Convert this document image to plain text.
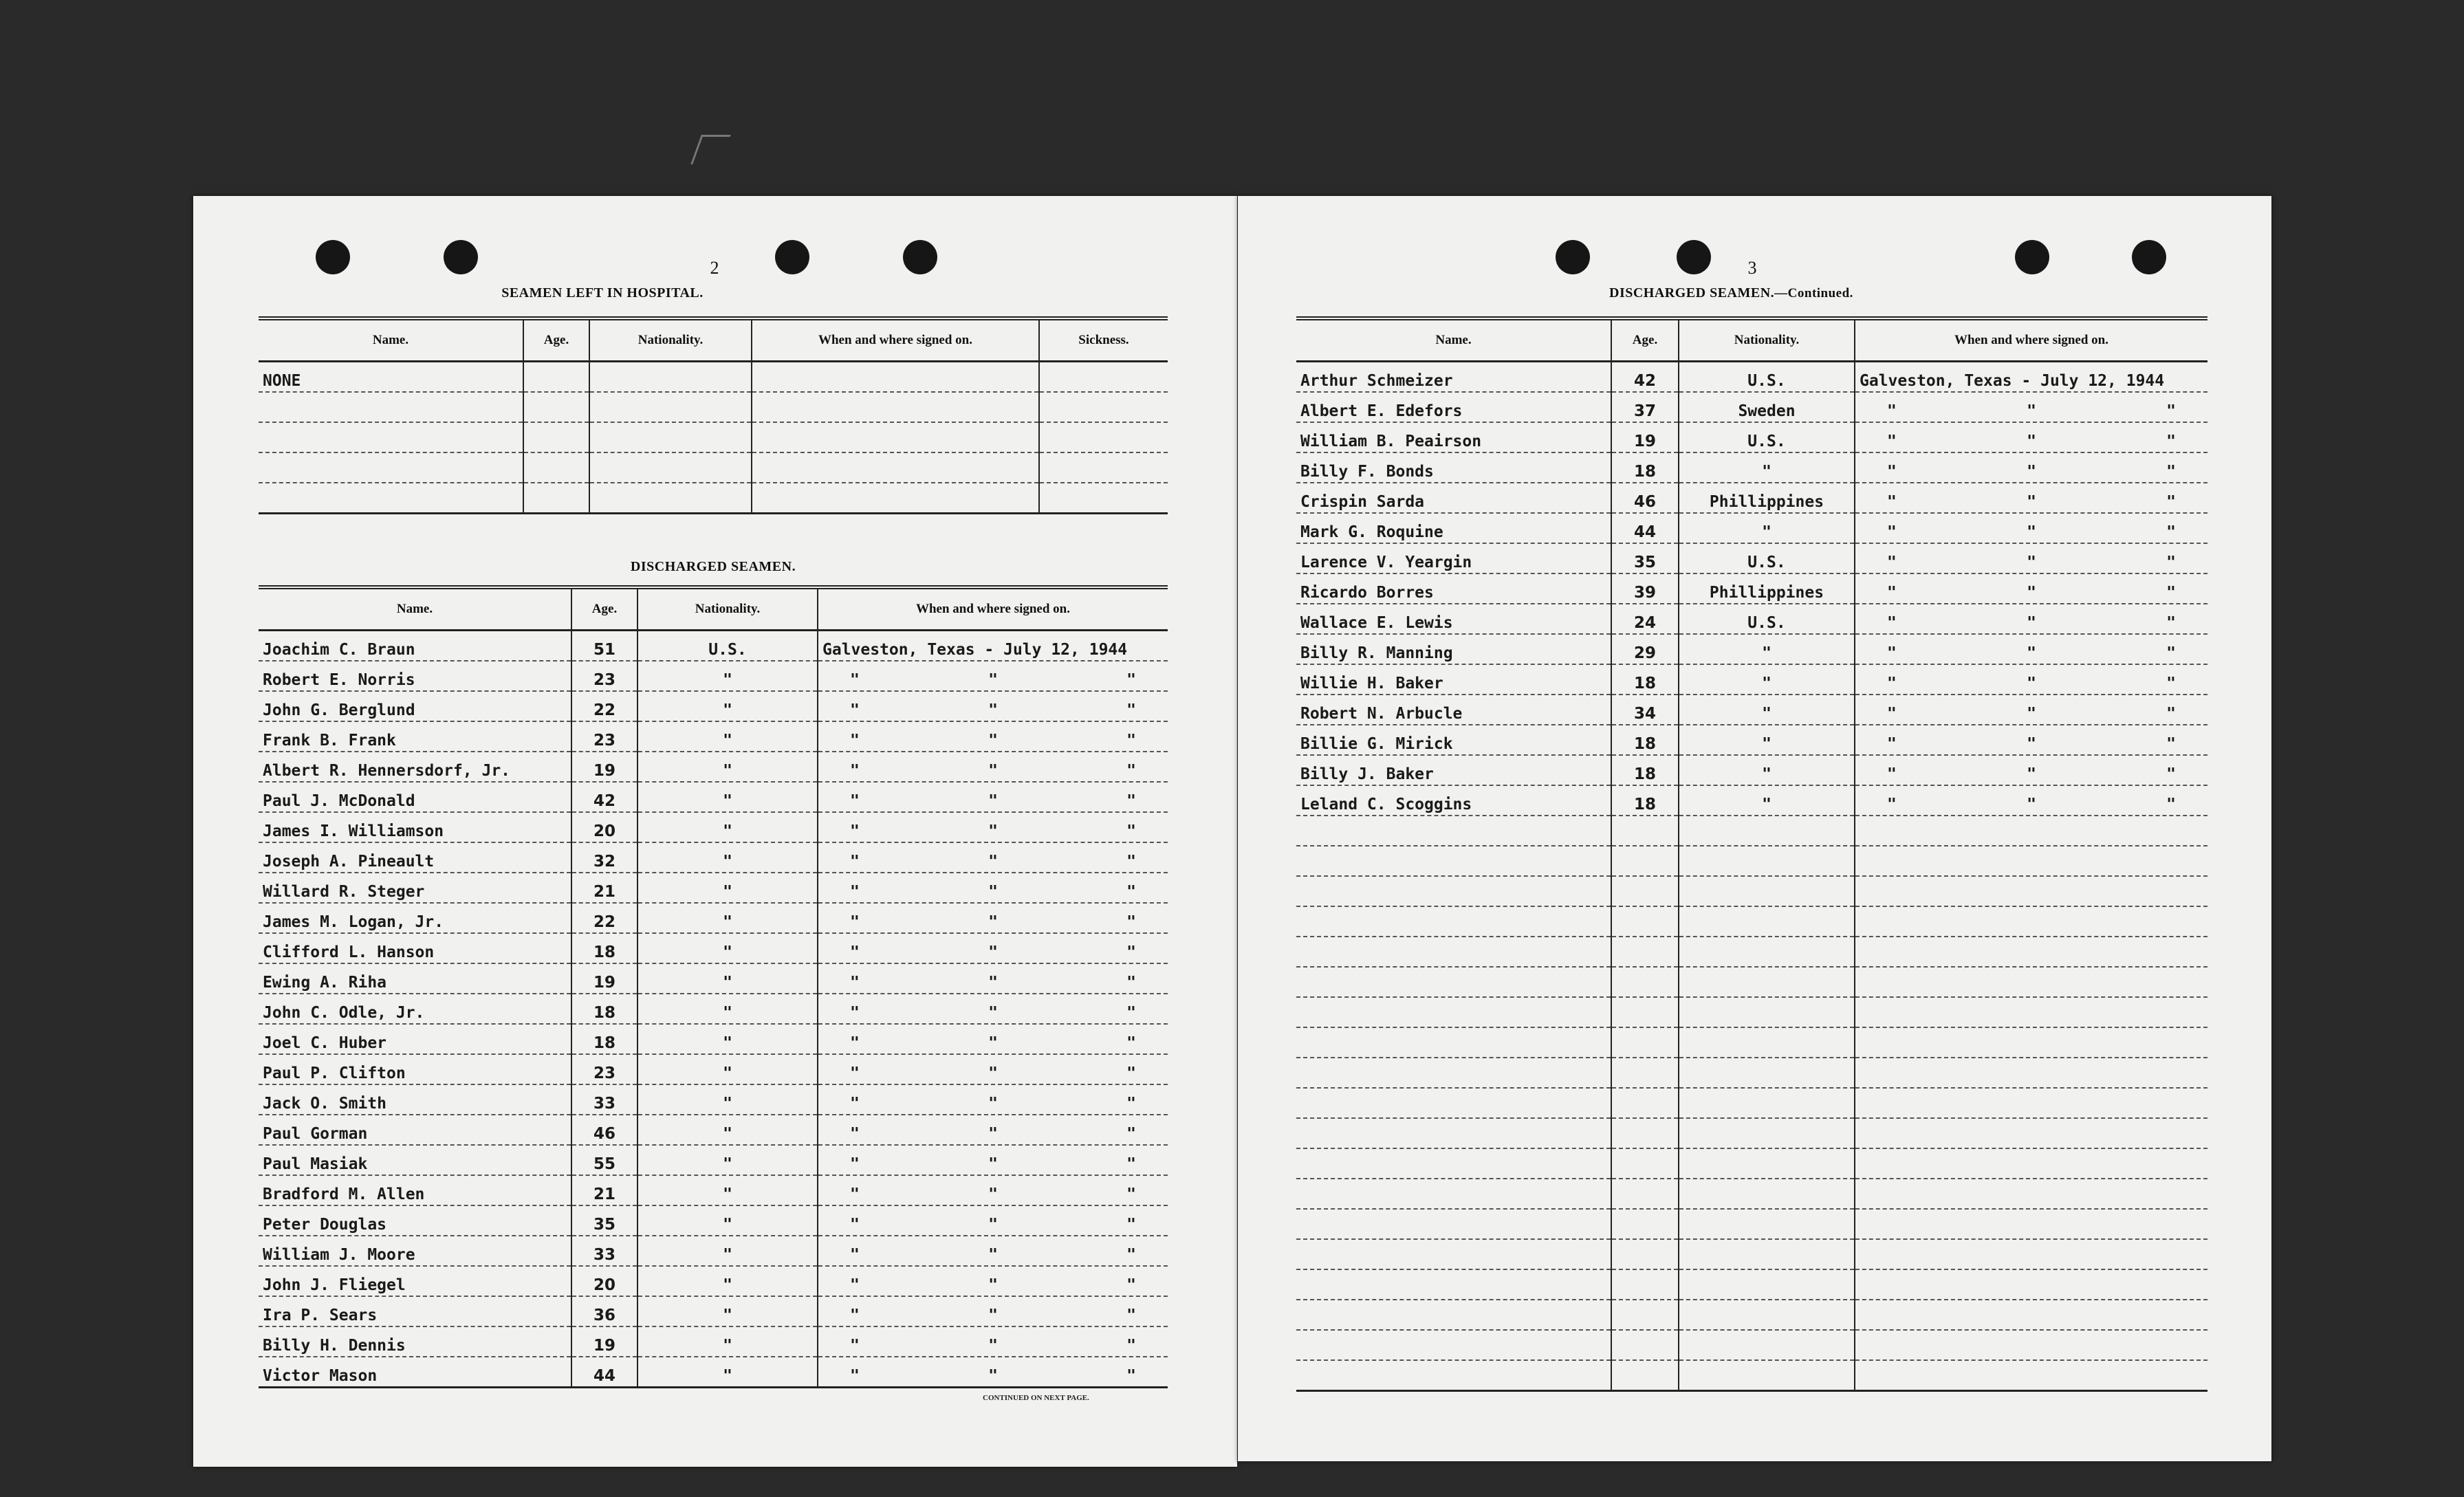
2
SEAMEN LEFT IN HOSPITAL.
Name.	Age.	Nationality.	When and where signed on.	Sickness.
NONE				

DISCHARGED SEAMEN.
Name.	Age.	Nationality.	When and where signed on.
Joachim C. Braun	51	U.S.	Galveston, Texas - July 12, 1944
Robert E. Norris	23	"	" " "

John G. Berglund	22	"	" " "

Frank B. Frank	23	"	" " "

Albert R. Hennersdorf, Jr.	19	"	" " "

Paul J. McDonald	42	"	" " "

James I. Williamson	20	"	" " "

Joseph A. Pineault	32	"	" " "

Willard R. Steger	21	"	" " "

James M. Logan, Jr.	22	"	" " "

Clifford L. Hanson	18	"	" " "

Ewing A. Riha	19	"	" " "

John C. Odle, Jr.	18	"	" " "

Joel C. Huber	18	"	" " "

Paul P. Clifton	23	"	" " "

Jack O. Smith	33	"	" " "

Paul Gorman	46	"	" " "

Paul Masiak	55	"	" " "

Bradford M. Allen	21	"	" " "

Peter Douglas	35	"	" " "

William J. Moore	33	"	" " "

John J. Fliegel	20	"	" " "

Ira P. Sears	36	"	" " "

Billy H. Dennis	19	"	" " "

Victor Mason	44	"	" " "
CONTINUED ON NEXT PAGE.
3
DISCHARGED SEAMEN.—Continued.
Name.	Age.	Nationality.	When and where signed on.
Arthur Schmeizer	42	U.S.	Galveston, Texas - July 12, 1944
Albert E. Edefors	37	Sweden	" " "

William B. Peairson	19	U.S.	" " "

Billy F. Bonds	18	"	" " "

Crispin Sarda	46	Phillippines	" " "

Mark G. Roquine	44	"	" " "

Larence V. Yeargin	35	U.S.	" " "

Ricardo Borres	39	Phillippines	" " "

Wallace E. Lewis	24	U.S.	" " "

Billy R. Manning	29	"	" " "

Willie H. Baker	18	"	" " "

Robert N. Arbucle	34	"	" " "

Billie G. Mirick	18	"	" " "

Billy J. Baker	18	"	" " "

Leland C. Scoggins	18	"	" " "
